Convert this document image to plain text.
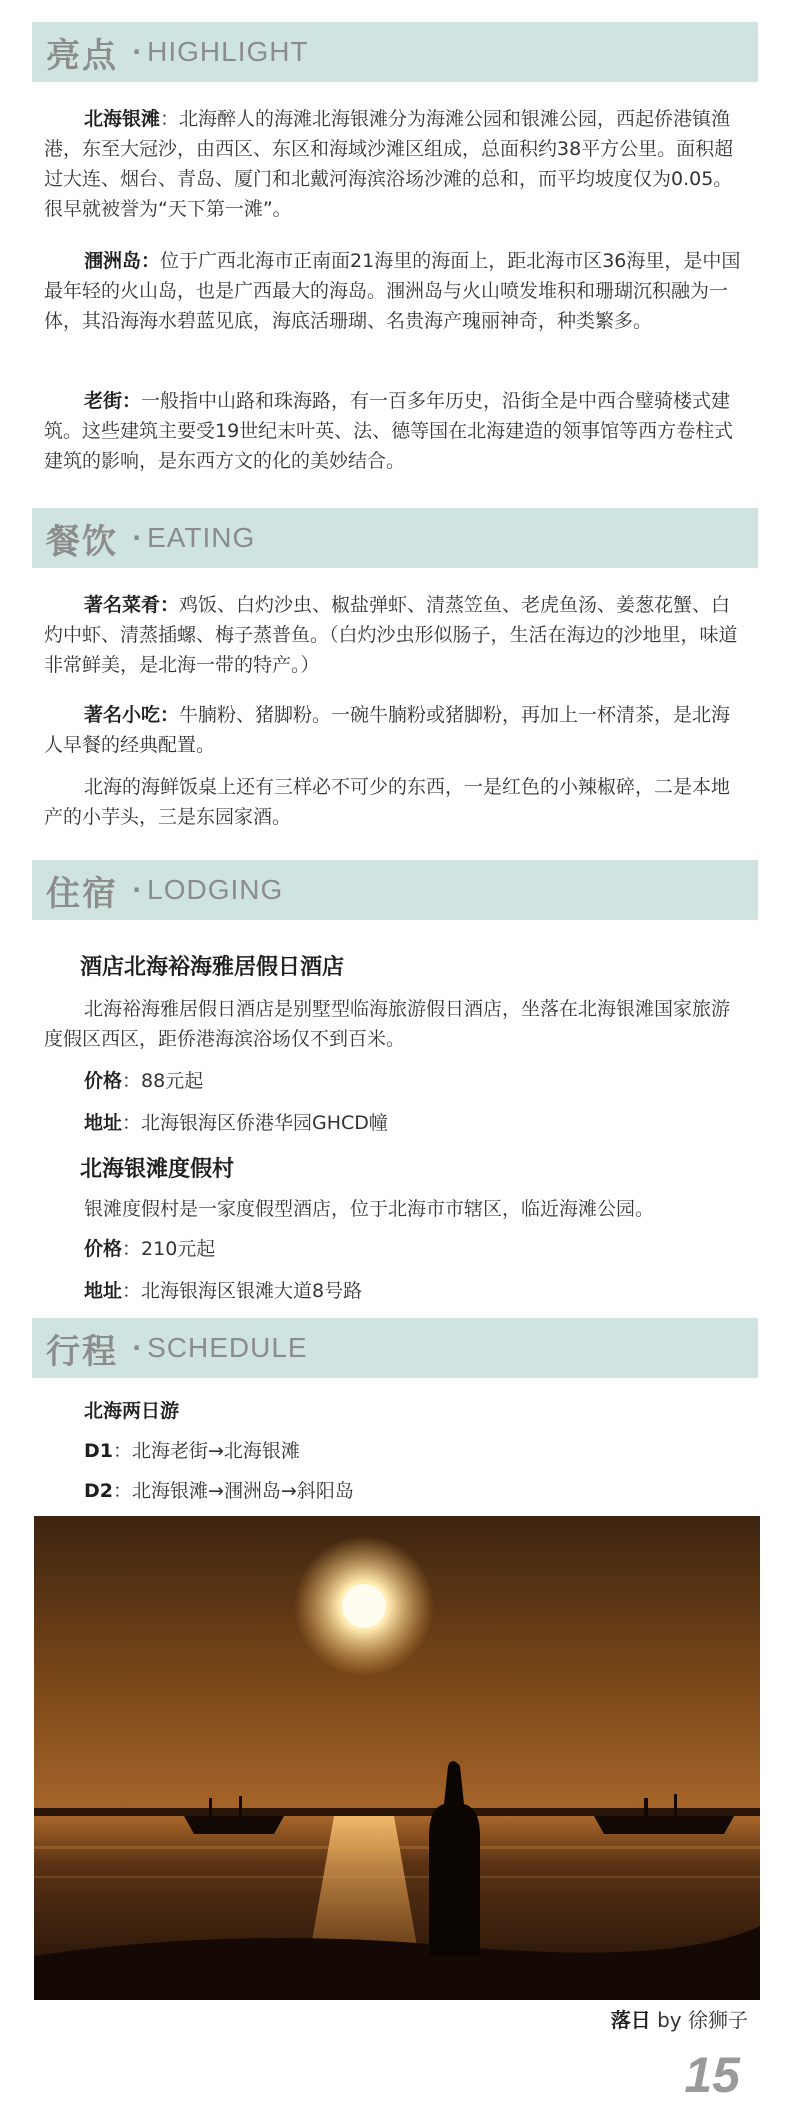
亮点 · HIGHLIGHT

北海银滩：北海醉人的海滩北海银滩分为海滩公园和银滩公园，西起侨港镇渔港，东至大冠沙，由西区、东区和海域沙滩区组成，总面积约38平方公里。面积超过大连、烟台、青岛、厦门和北戴河海滨浴场沙滩的总和，而平均坡度仅为0.05。很早就被誉为“天下第一滩”。

涠洲岛：位于广西北海市正南面21海里的海面上，距北海市区36海里，是中国最年轻的火山岛，也是广西最大的海岛。涠洲岛与火山喷发堆积和珊瑚沉积融为一体，其沿海海水碧蓝见底，海底活珊瑚、名贵海产瑰丽神奇，种类繁多。

老街：一般指中山路和珠海路，有一百多年历史，沿街全是中西合璧骑楼式建筑。这些建筑主要受19世纪末叶英、法、德等国在北海建造的领事馆等西方卷柱式建筑的影响，是东西方文的化的美妙结合。

餐饮 · EATING

著名菜肴：鸡饭、白灼沙虫、椒盐弹虾、清蒸笠鱼、老虎鱼汤、姜葱花蟹、白灼中虾、清蒸插螺、梅子蒸普鱼。（白灼沙虫形似肠子，生活在海边的沙地里，味道非常鲜美，是北海一带的特产。）

著名小吃：牛腩粉、猪脚粉。一碗牛腩粉或猪脚粉，再加上一杯清茶，是北海人早餐的经典配置。

北海的海鲜饭桌上还有三样必不可少的东西，一是红色的小辣椒碎，二是本地产的小芋头，三是东园家酒。

住宿 · LODGING
酒店北海裕海雅居假日酒店

北海裕海雅居假日酒店是别墅型临海旅游假日酒店，坐落在北海银滩国家旅游度假区西区，距侨港海滨浴场仅不到百米。

价格：88元起
地址：北海银海区侨港华园GHCD幢
北海银滩度假村

银滩度假村是一家度假型酒店，位于北海市市辖区，临近海滩公园。

价格：210元起
地址：北海银海区银滩大道8号路
行程 · SCHEDULE
北海两日游
D1：北海老街→北海银滩
D2：北海银滩→涠洲岛→斜阳岛
落日 by 徐狮子
15
